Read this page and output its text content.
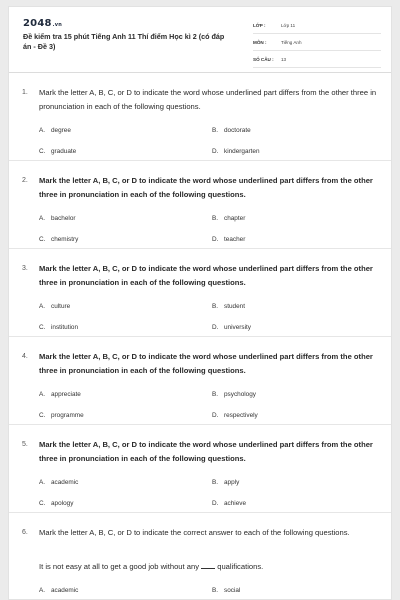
2048.vn
Đề kiểm tra 15 phút Tiếng Anh 11 Thí điểm Học kì 2 (có đáp án - Đề 3)
LỚP :	Lớp 11
MÔN :	Tiếng Anh
SỐ CÂU :	13
1. Mark the letter A, B, C, or D to indicate the word whose underlined part differs from the other three in pronunciation in each of the following questions.
A. degree	B. doctorate
C. graduate	D. kindergarten
2. Mark the letter A, B, C, or D to indicate the word whose underlined part differs from the other three in pronunciation in each of the following questions.
A. bachelor	B. chapter
C. chemistry	D. teacher
3. Mark the letter A, B, C, or D to indicate the word whose underlined part differs from the other three in pronunciation in each of the following questions.
A. culture	B. student
C. institution	D. university
4. Mark the letter A, B, C, or D to indicate the word whose underlined part differs from the other three in pronunciation in each of the following questions.
A. appreciate	B. psychology
C. programme	D. respectively
5. Mark the letter A, B, C, or D to indicate the word whose underlined part differs from the other three in pronunciation in each of the following questions.
A. academic	B. apply
C. apology	D. achieve
6. Mark the letter A, B, C, or D to indicate the correct answer to each of the following questions.
It is not easy at all to get a good job without any  qualifications.
A. academic	B. social
